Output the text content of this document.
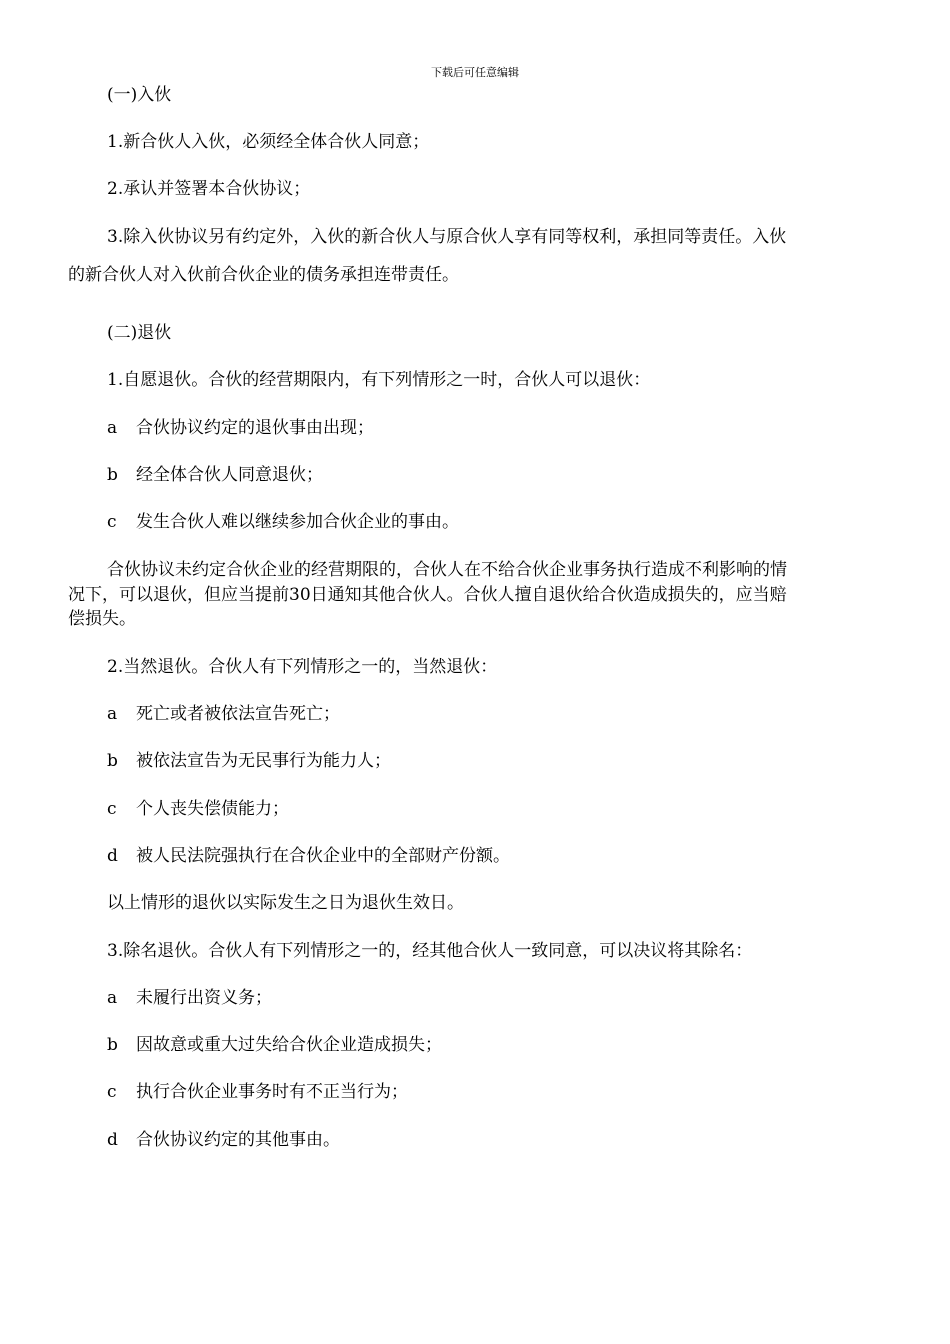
下载后可任意编辑
(一)入伙
1.新合伙人入伙，必须经全体合伙人同意；
2.承认并签署本合伙协议；
3.除入伙协议另有约定外，入伙的新合伙人与原合伙人享有同等权利，承担同等责任。入伙
的新合伙人对入伙前合伙企业的债务承担连带责任。
(二)退伙
1.自愿退伙。合伙的经营期限内，有下列情形之一时，合伙人可以退伙：
a 合伙协议约定的退伙事由出现；
b 经全体合伙人同意退伙；
c 发生合伙人难以继续参加合伙企业的事由。
合伙协议未约定合伙企业的经营期限的，合伙人在不给合伙企业事务执行造成不利影响的情
况下，可以退伙，但应当提前30日通知其他合伙人。合伙人擅自退伙给合伙造成损失的，应当赔
偿损失。
2.当然退伙。合伙人有下列情形之一的，当然退伙：
a 死亡或者被依法宣告死亡；
b 被依法宣告为无民事行为能力人；
c 个人丧失偿债能力；
d 被人民法院强执行在合伙企业中的全部财产份额。
以上情形的退伙以实际发生之日为退伙生效日。
3.除名退伙。合伙人有下列情形之一的，经其他合伙人一致同意，可以决议将其除名：
a 未履行出资义务；
b 因故意或重大过失给合伙企业造成损失；
c 执行合伙企业事务时有不正当行为；
d 合伙协议约定的其他事由。
